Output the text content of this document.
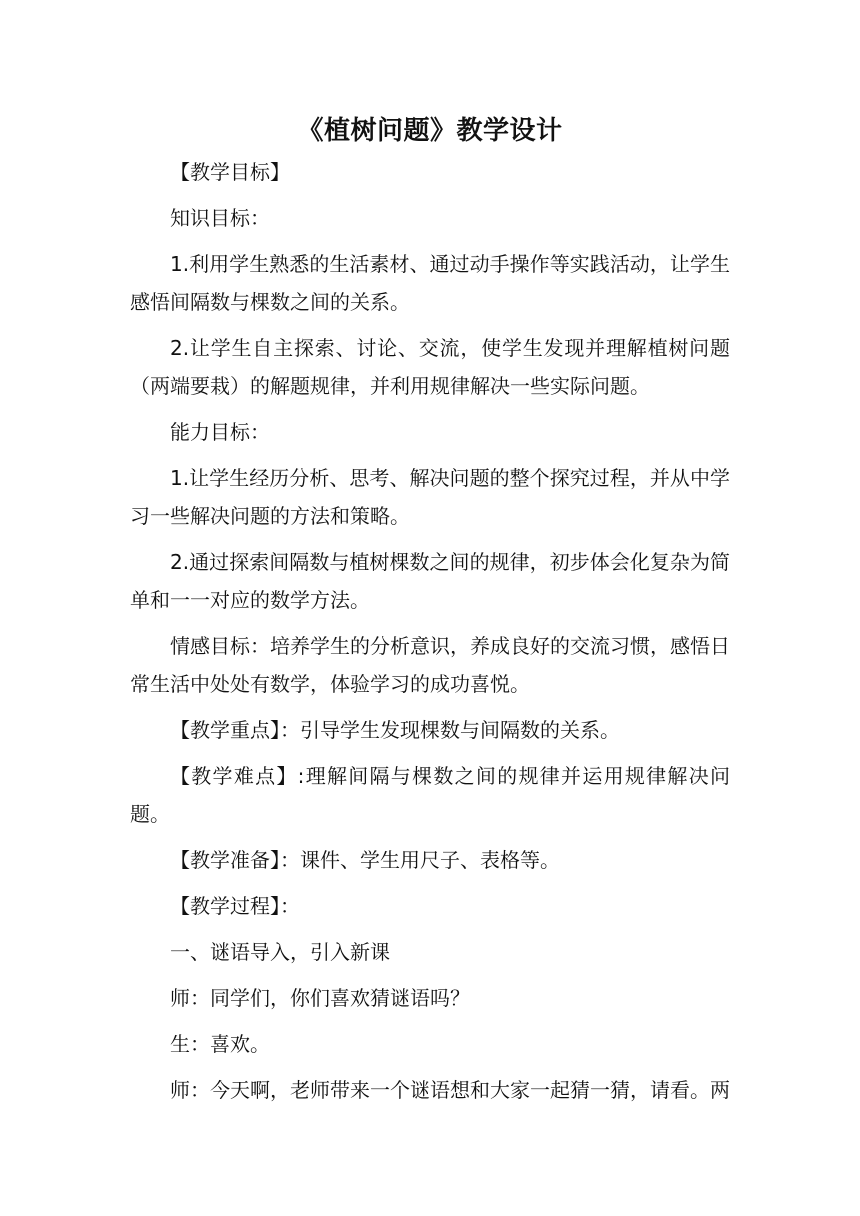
《植树问题》教学设计

【教学目标】

知识目标：

1.利用学生熟悉的生活素材、通过动手操作等实践活动，让学生感悟间隔数与棵数之间的关系。

2.让学生自主探索、讨论、交流，使学生发现并理解植树问题（两端要栽）的解题规律，并利用规律解决一些实际问题。

能力目标：

1.让学生经历分析、思考、解决问题的整个探究过程，并从中学习一些解决问题的方法和策略。

2.通过探索间隔数与植树棵数之间的规律，初步体会化复杂为简单和一一对应的数学方法。

情感目标：培养学生的分析意识，养成良好的交流习惯，感悟日常生活中处处有数学，体验学习的成功喜悦。

【教学重点】：引导学生发现棵数与间隔数的关系。

【教学难点】:理解间隔与棵数之间的规律并运用规律解决问题。

【教学准备】：课件、学生用尺子、表格等。

【教学过程】：

一、谜语导入，引入新课

师：同学们，你们喜欢猜谜语吗？

生：喜欢。

师：今天啊，老师带来一个谜语想和大家一起猜一猜，请看。两
